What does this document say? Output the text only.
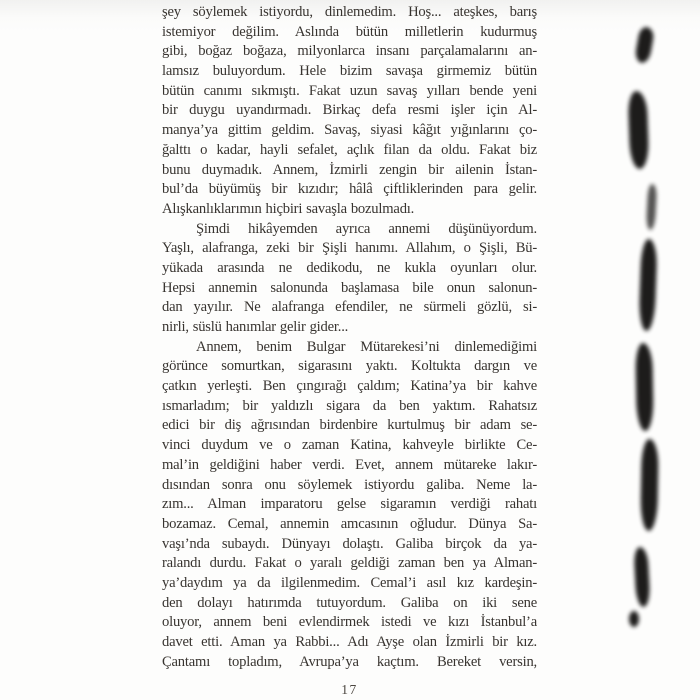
şey söylemek istiyordu, dinlemedim. Hoş... ateşkes, barış
istemiyor değilim. Aslında bütün milletlerin kudurmuş
gibi, boğaz boğaza, milyonlarca insanı parçalamalarını an-
lamsız buluyordum. Hele bizim savaşa girmemiz bütün
bütün canımı sıkmıştı. Fakat uzun savaş yılları bende yeni
bir duygu uyandırmadı. Birkaç defa resmi işler için Al-
manya’ya gittim geldim. Savaş, siyasi kâğıt yığınlarını ço-
ğalttı o kadar, hayli sefalet, açlık filan da oldu. Fakat biz
bunu duymadık. Annem, İzmirli zengin bir ailenin İstan-
bul’da büyümüş bir kızıdır; hâlâ çiftliklerinden para gelir.
Alışkanlıklarımın hiçbiri savaşla bozulmadı.
Şimdi hikâyemden ayrıca annemi düşünüyordum.
Yaşlı, alafranga, zeki bir Şişli hanımı. Allahım, o Şişli, Bü-
yükada arasında ne dedikodu, ne kukla oyunları olur.
Hepsi annemin salonunda başlamasa bile onun salonun-
dan yayılır. Ne alafranga efendiler, ne sürmeli gözlü, si-
nirli, süslü hanımlar gelir gider...
Annem, benim Bulgar Mütarekesi’ni dinlemediğimi
görünce somurtkan, sigarasını yaktı. Koltukta dargın ve
çatkın yerleşti. Ben çıngırağı çaldım; Katina’ya bir kahve
ısmarladım; bir yaldızlı sigara da ben yaktım. Rahatsız
edici bir diş ağrısından birdenbire kurtulmuş bir adam se-
vinci duydum ve o zaman Katina, kahveyle birlikte Ce-
mal’in geldiğini haber verdi. Evet, annem mütareke lakır-
dısından sonra onu söylemek istiyordu galiba. Neme la-
zım... Alman imparatoru gelse sigaramın verdiği rahatı
bozamaz. Cemal, annemin amcasının oğludur. Dünya Sa-
vaşı’nda subaydı. Dünyayı dolaştı. Galiba birçok da ya-
ralandı durdu. Fakat o yaralı geldiği zaman ben ya Alman-
ya’daydım ya da ilgilenmedim. Cemal’i asıl kız kardeşin-
den dolayı hatırımda tutuyordum. Galiba on iki sene
oluyor, annem beni evlendirmek istedi ve kızı İstanbul’a
davet etti. Aman ya Rabbi... Adı Ayşe olan İzmirli bir kız.
Çantamı topladım, Avrupa’ya kaçtım. Bereket versin,
17
